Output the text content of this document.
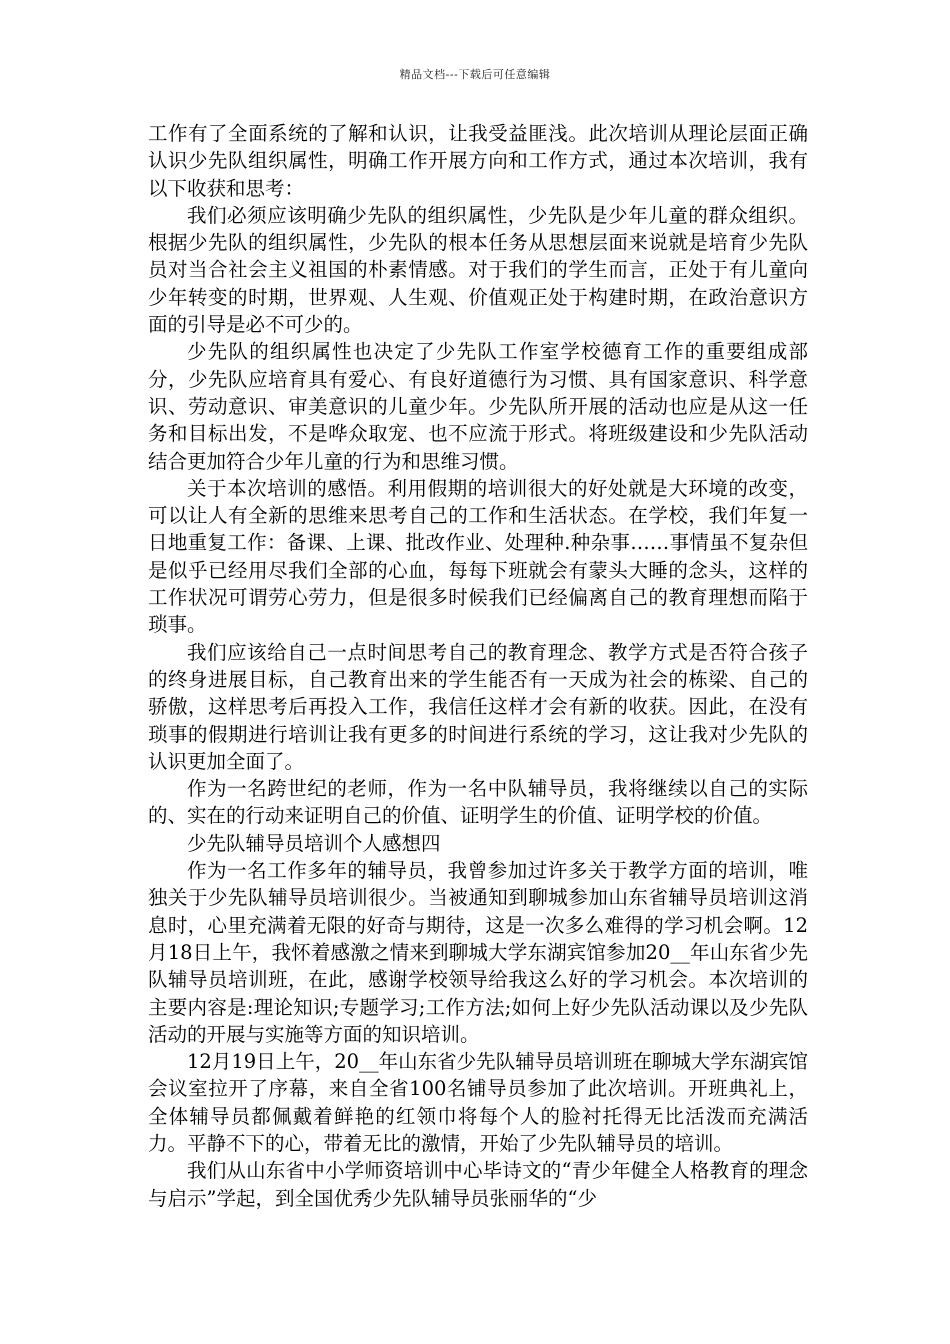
精品文档---下载后可任意编辑

工作有了全面系统的了解和认识，让我受益匪浅。此次培训从理论层面正确认识少先队组织属性，明确工作开展方向和工作方式，通过本次培训，我有以下收获和思考：

我们必须应该明确少先队的组织属性，少先队是少年儿童的群众组织。根据少先队的组织属性，少先队的根本任务从思想层面来说就是培育少先队员对当合社会主义祖国的朴素情感。对于我们的学生而言，正处于有儿童向少年转变的时期，世界观、人生观、价值观正处于构建时期，在政治意识方面的引导是必不可少的。

少先队的组织属性也决定了少先队工作室学校德育工作的重要组成部分，少先队应培育具有爱心、有良好道德行为习惯、具有国家意识、科学意识、劳动意识、审美意识的儿童少年。少先队所开展的活动也应是从这一任务和目标出发，不是哗众取宠、也不应流于形式。将班级建设和少先队活动结合更加符合少年儿童的行为和思维习惯。

关于本次培训的感悟。利用假期的培训很大的好处就是大环境的改变，可以让人有全新的思维来思考自己的工作和生活状态。在学校，我们年复一日地重复工作：备课、上课、批改作业、处理种.种杂事……事情虽不复杂但是似乎已经用尽我们全部的心血，每每下班就会有蒙头大睡的念头，这样的工作状况可谓劳心劳力，但是很多时候我们已经偏离自己的教育理想而陷于琐事。

我们应该给自己一点时间思考自己的教育理念、教学方式是否符合孩子的终身进展目标，自己教育出来的学生能否有一天成为社会的栋梁、自己的骄傲，这样思考后再投入工作，我信任这样才会有新的收获。因此，在没有琐事的假期进行培训让我有更多的时间进行系统的学习，这让我对少先队的认识更加全面了。

作为一名跨世纪的老师，作为一名中队辅导员，我将继续以自己的实际的、实在的行动来证明自己的价值、证明学生的价值、证明学校的价值。

少先队辅导员培训个人感想四

作为一名工作多年的辅导员，我曾参加过许多关于教学方面的培训，唯独关于少先队辅导员培训很少。当被通知到聊城参加山东省辅导员培训这消息时，心里充满着无限的好奇与期待，这是一次多么难得的学习机会啊。12月18日上午，我怀着感激之情来到聊城大学东湖宾馆参加20__年山东省少先队辅导员培训班，在此，感谢学校领导给我这么好的学习机会。本次培训的主要内容是:理论知识;专题学习;工作方法;如何上好少先队活动课以及少先队活动的开展与实施等方面的知识培训。

12月19日上午，20__年山东省少先队辅导员培训班在聊城大学东湖宾馆会议室拉开了序幕，来自全省100名铺导员参加了此次培训。开班典礼上，全体辅导员都佩戴着鲜艳的红领巾将每个人的脸衬托得无比活泼而充满活力。平静不下的心，带着无比的激情，开始了少先队辅导员的培训。

我们从山东省中小学师资培训中心毕诗文的“青少年健全人格教育的理念与启示”学起，到全国优秀少先队辅导员张丽华的“少
